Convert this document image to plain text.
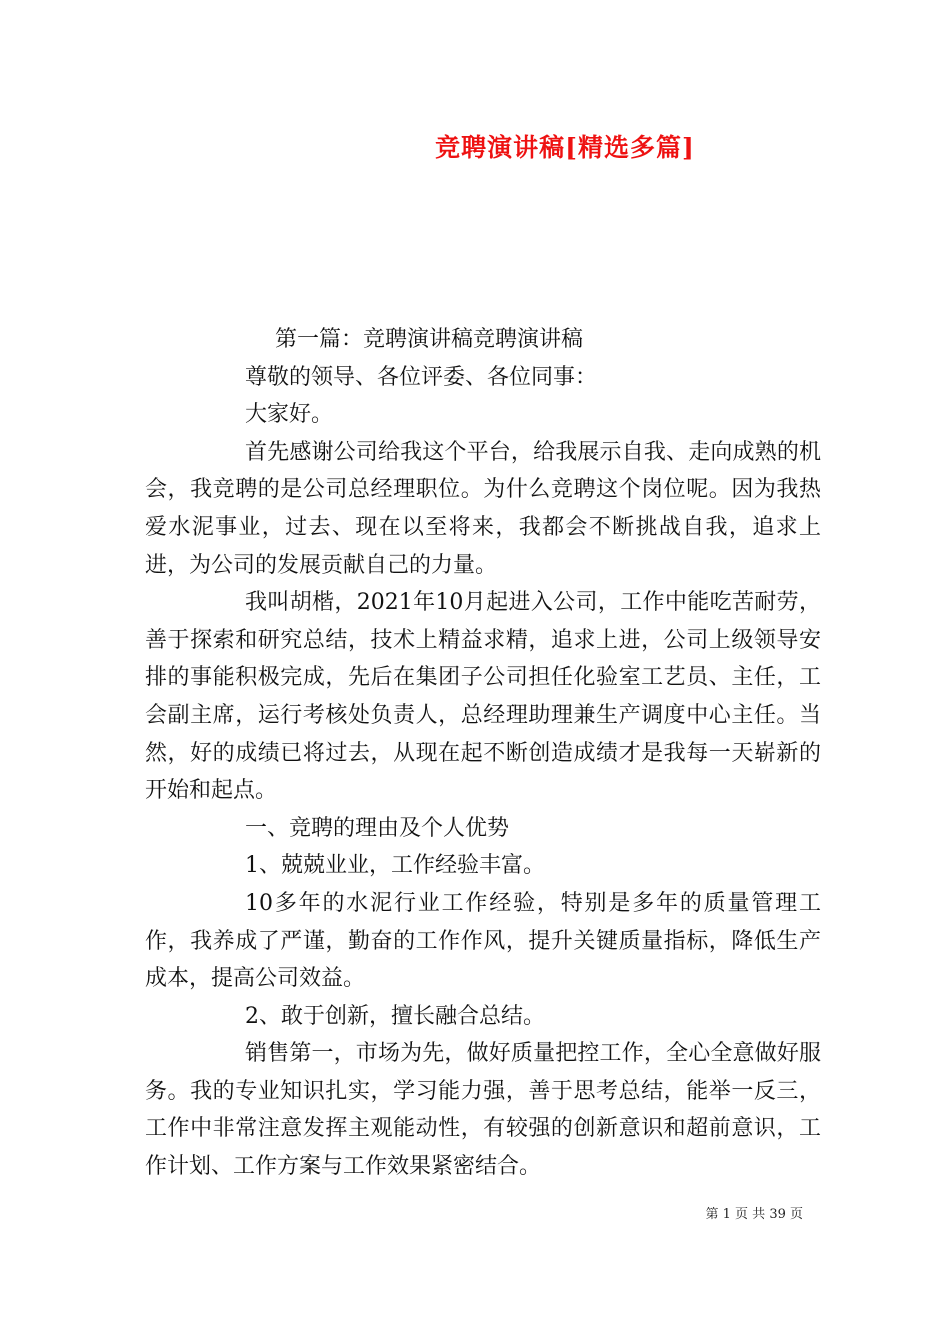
竞聘演讲稿[精选多篇]

第一篇：竞聘演讲稿竞聘演讲稿

尊敬的领导、各位评委、各位同事：

大家好。

首先感谢公司给我这个平台，给我展示自我、走向成熟的机会，我竞聘的是公司总经理职位。为什么竞聘这个岗位呢。因为我热爱水泥事业，过去、现在以至将来，我都会不断挑战自我，追求上进，为公司的发展贡献自己的力量。

我叫胡楷，2021年10月起进入公司，工作中能吃苦耐劳，善于探索和研究总结，技术上精益求精，追求上进，公司上级领导安排的事能积极完成，先后在集团子公司担任化验室工艺员、主任，工会副主席，运行考核处负责人，总经理助理兼生产调度中心主任。当然，好的成绩已将过去，从现在起不断创造成绩才是我每一天崭新的开始和起点。

一、竞聘的理由及个人优势

1、兢兢业业，工作经验丰富。

10多年的水泥行业工作经验，特别是多年的质量管理工作，我养成了严谨，勤奋的工作作风，提升关键质量指标，降低生产成本，提高公司效益。

2、敢于创新，擅长融合总结。

销售第一，市场为先，做好质量把控工作，全心全意做好服务。我的专业知识扎实，学习能力强，善于思考总结，能举一反三，工作中非常注意发挥主观能动性，有较强的创新意识和超前意识，工作计划、工作方案与工作效果紧密结合。

第 1 页 共 39 页
